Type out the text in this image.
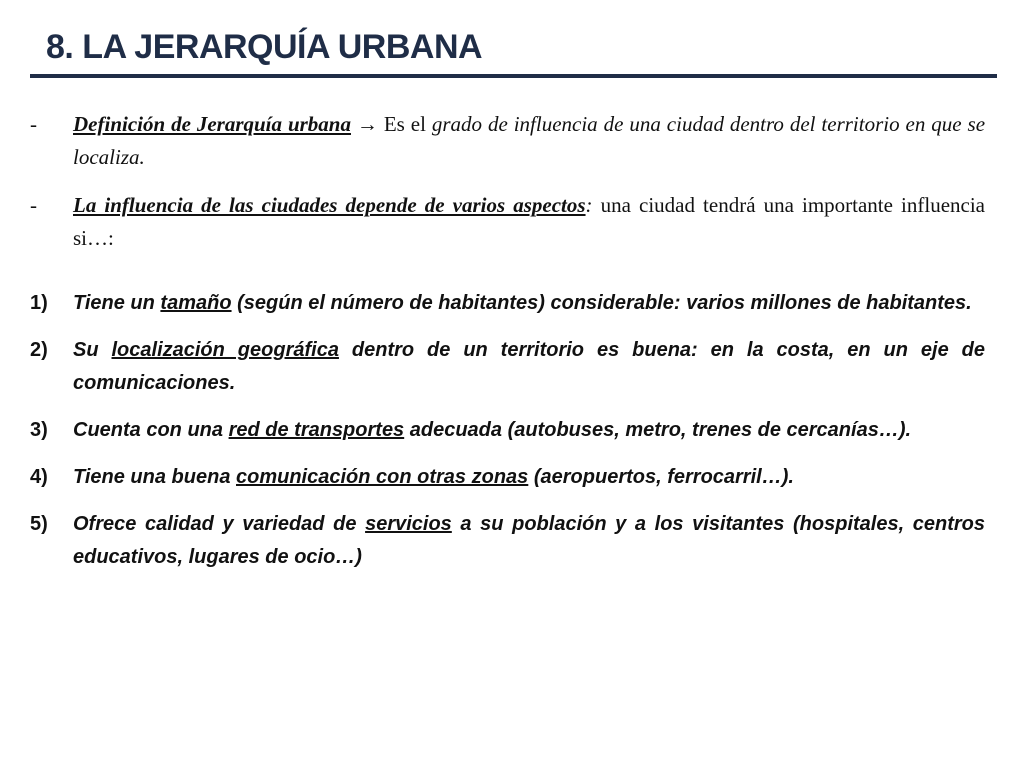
8. LA JERARQUÍA URBANA
-	Definición de Jerarquía urbana → Es el grado de influencia de una ciudad dentro del territorio en que se localiza.
-	La influencia de las ciudades depende de varios aspectos: una ciudad tendrá una importante influencia si…:
1)	Tiene un tamaño (según el número de habitantes) considerable: varios millones de habitantes.
2)	Su localización geográfica dentro de un territorio es buena: en la costa, en un eje de comunicaciones.
3)	Cuenta con una red de transportes adecuada (autobuses, metro, trenes de cercanías…).
4)	Tiene una buena comunicación con otras zonas (aeropuertos, ferrocarril…).
5)	Ofrece calidad y variedad de servicios a su población y a los visitantes (hospitales, centros educativos, lugares de ocio…)
